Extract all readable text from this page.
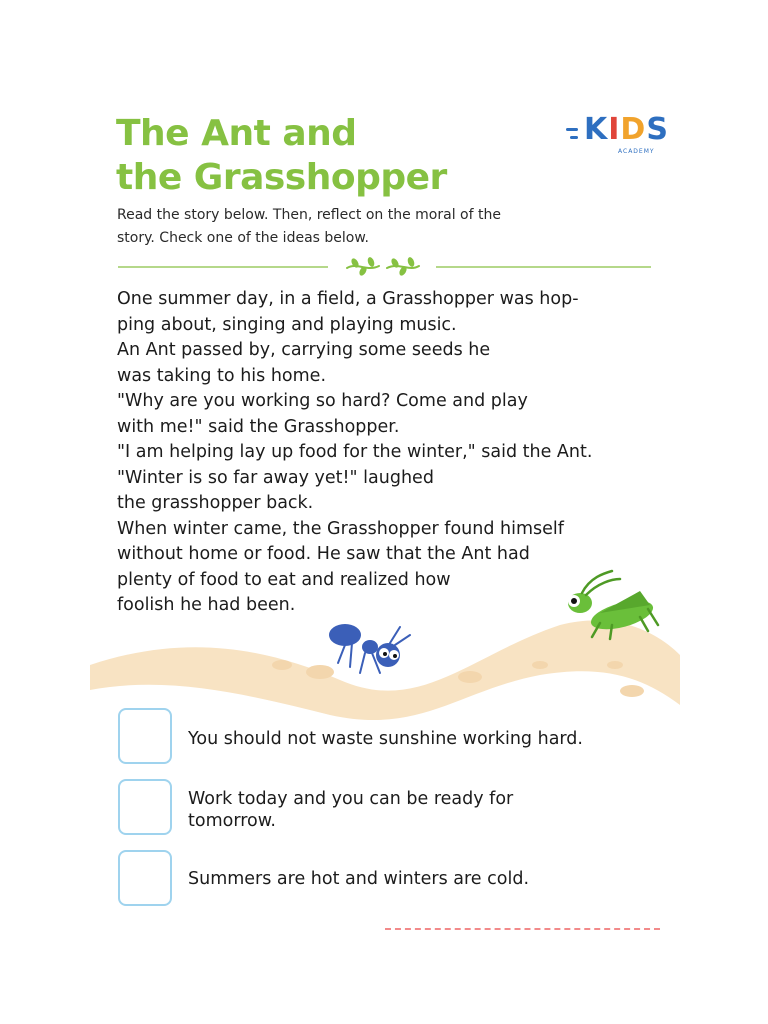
The Ant and
the Grasshopper
KIDS
ACADEMY
Read the story below. Then, reflect on the moral of the story. Check one of the ideas below.

One summer day, in a field, a Grasshopper was hop-

ping about, singing and playing music.

An Ant passed by, carrying some seeds he

was taking to his home.

"Why are you working so hard? Come and play

with me!" said the Grasshopper.

"I am helping lay up food for the winter," said the Ant.

"Winter is so far away yet!" laughed

the grasshopper back.

When winter came, the Grasshopper found himself

without home or food. He saw that the Ant had

plenty of food to eat and realized how

foolish he had been.

You should not waste sunshine working hard.
Work today and you can be ready for tomorrow.
Summers are hot and winters are cold.
